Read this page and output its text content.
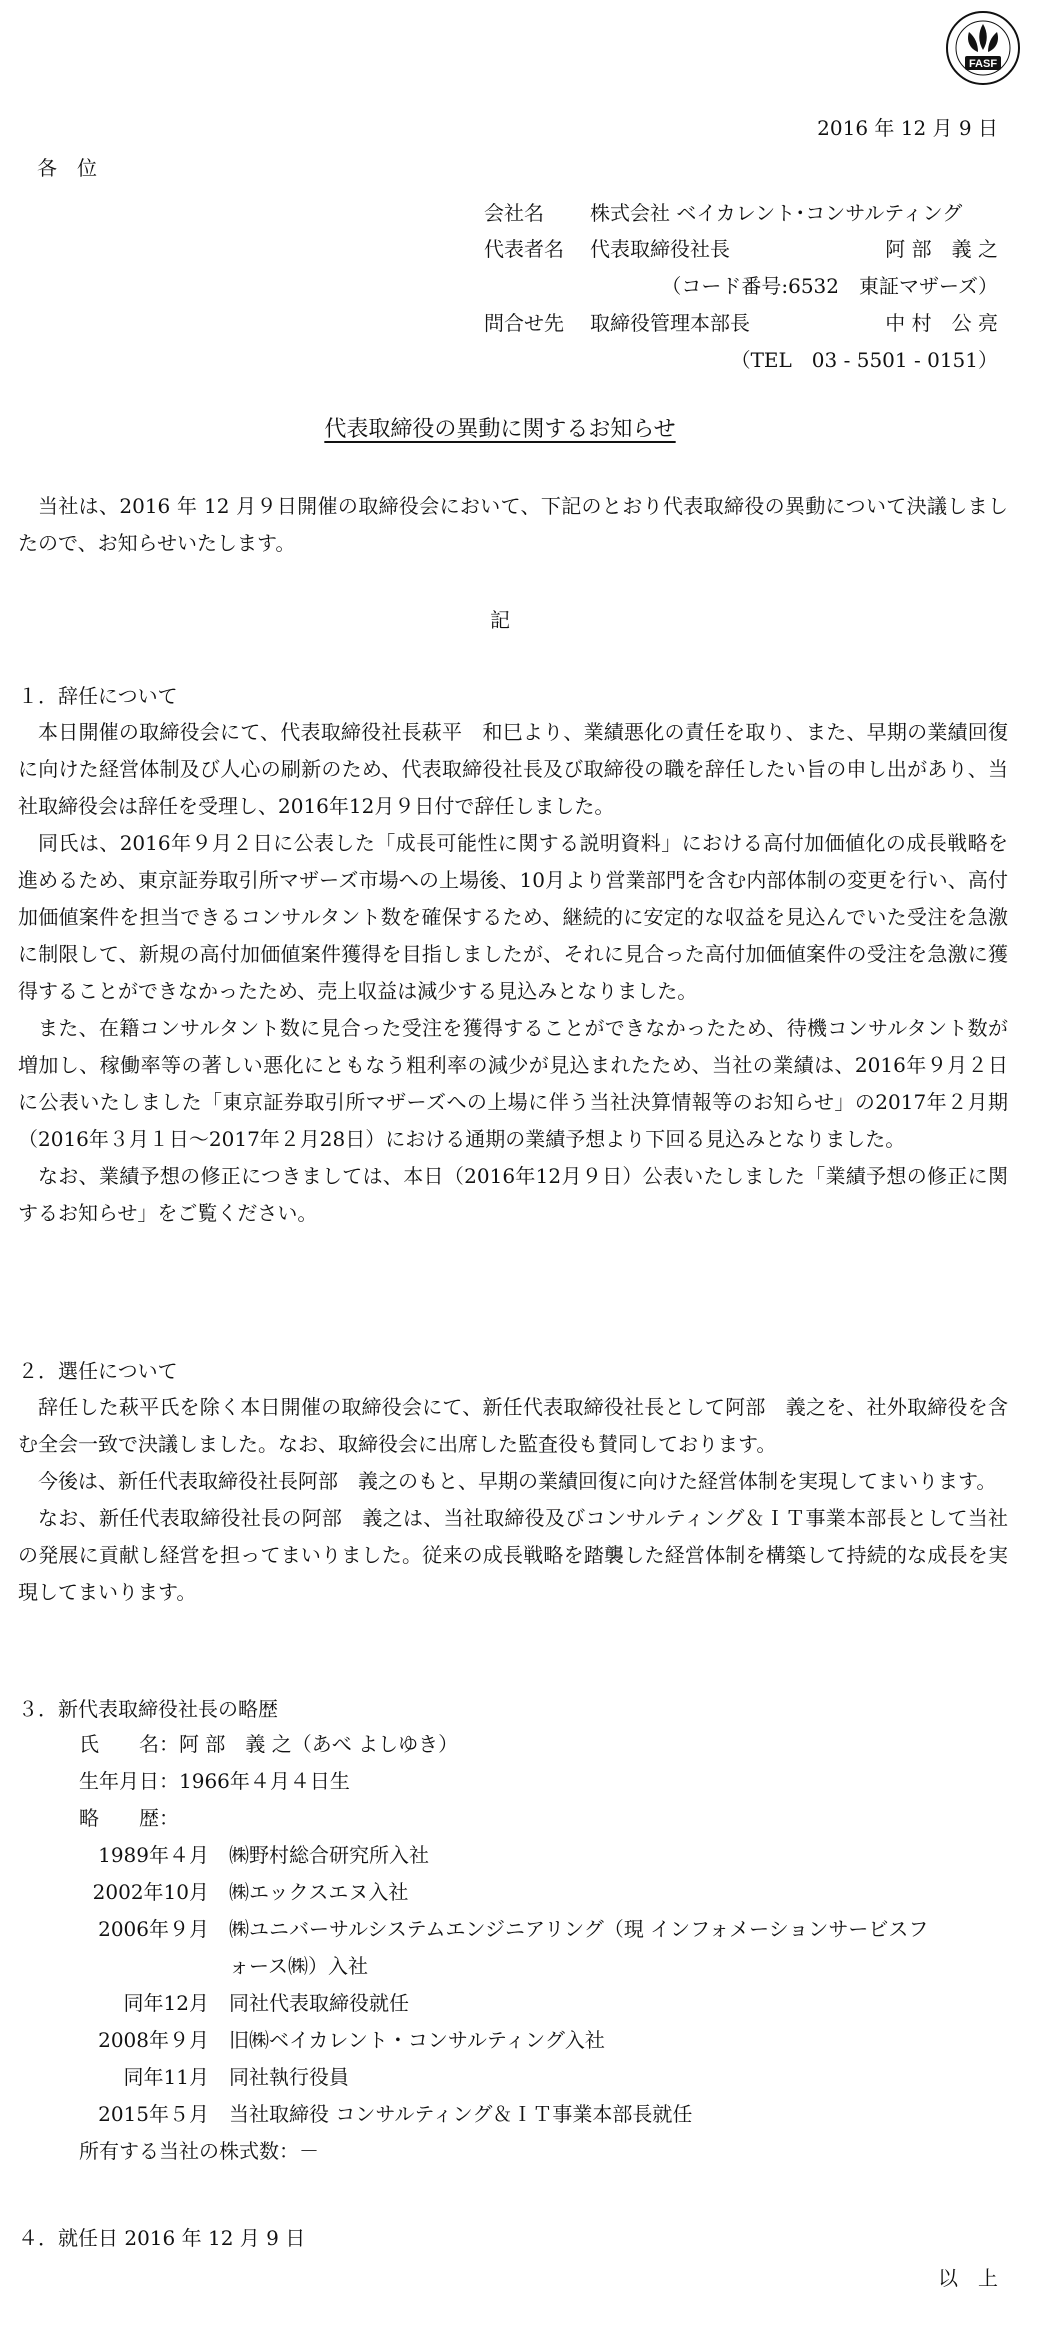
FASF
2016 年 12 月 9 日
各　位
会社名 株式会社 ベイカレント･コンサルティング
代表者名 代表取締役社長	阿 部　義 之
（コード番号:6532　東証マザーズ）
問合せ先 取締役管理本部長	中 村　公 亮
（TEL　03 - 5501 - 0151）
代表取締役の異動に関するお知らせ

当社は、2016 年 12 月９日開催の取締役会において、下記のとおり代表取締役の異動について決議しましたので、お知らせいたします。

記
１．辞任について

本日開催の取締役会にて、代表取締役社長萩平　和巳より、業績悪化の責任を取り、また、早期の業績回復に向けた経営体制及び人心の刷新のため、代表取締役社長及び取締役の職を辞任したい旨の申し出があり、当社取締役会は辞任を受理し、2016年12月９日付で辞任しました。

同氏は、2016年９月２日に公表した「成長可能性に関する説明資料」における高付加価値化の成長戦略を進めるため、東京証券取引所マザーズ市場への上場後、10月より営業部門を含む内部体制の変更を行い、高付加価値案件を担当できるコンサルタント数を確保するため、継続的に安定的な収益を見込んでいた受注を急激に制限して、新規の高付加価値案件獲得を目指しましたが、それに見合った高付加価値案件の受注を急激に獲得することができなかったため、売上収益は減少する見込みとなりました。

また、在籍コンサルタント数に見合った受注を獲得することができなかったため、待機コンサルタント数が増加し、稼働率等の著しい悪化にともなう粗利率の減少が見込まれたため、当社の業績は、2016年９月２日に公表いたしました「東京証券取引所マザーズへの上場に伴う当社決算情報等のお知らせ」の2017年２月期（2016年３月１日～2017年２月28日）における通期の業績予想より下回る見込みとなりました。

なお、業績予想の修正につきましては、本日（2016年12月９日）公表いたしました「業績予想の修正に関するお知らせ」をご覧ください。

２．選任について

辞任した萩平氏を除く本日開催の取締役会にて、新任代表取締役社長として阿部　義之を、社外取締役を含む全会一致で決議しました。なお、取締役会に出席した監査役も賛同しております。

今後は、新任代表取締役社長阿部　義之のもと、早期の業績回復に向けた経営体制を実現してまいります。

なお、新任代表取締役社長の阿部　義之は、当社取締役及びコンサルティング＆ＩＴ事業本部長として当社の発展に貢献し経営を担ってまいりました。従来の成長戦略を踏襲した経営体制を構築して持続的な成長を実現してまいります。

３．新代表取締役社長の略歴
氏　　名：阿 部　義 之（あべ よしゆき）
生年月日：1966年４月４日生
略　　歴：
1989年４月 ㈱野村総合研究所入社
2002年10月 ㈱エックスエヌ入社
2006年９月 ㈱ユニバーサルシステムエンジニアリング（現 インフォメーションサービスフ
ォース㈱）入社
同年12月 同社代表取締役就任
2008年９月 旧㈱ベイカレント・コンサルティング入社
同年11月 同社執行役員
2015年５月 当社取締役 コンサルティング＆ＩＴ事業本部長就任
所有する当社の株式数：－
４．就任日 2016 年 12 月 9 日
以　上
